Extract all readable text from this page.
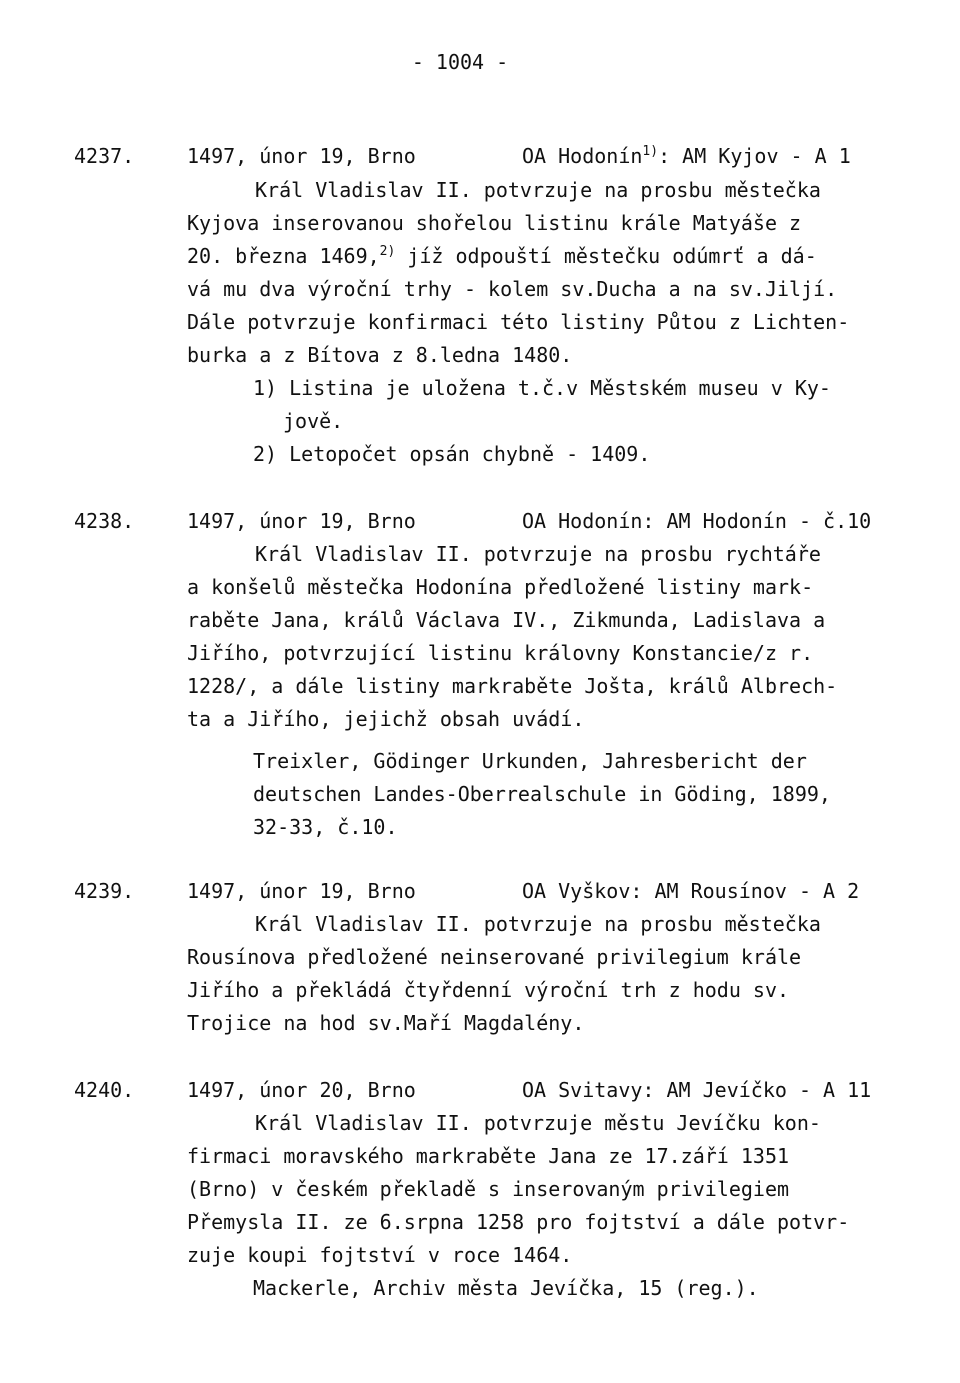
- 1004 -
4237.	1497, únor 19, Brno	OA Hodonín$^{1)}$: AM Kyjov - A 1
Král Vladislav II. potvrzuje na prosbu městečka
Kyjova inserovanou shořelou listinu krále Matyáše z
20. března 1469,$^{2)}$ jíž odpouští městečku odúmrť a dá-
vá mu dva výroční trhy - kolem sv.Ducha a na sv.Jiljí.
Dále potvrzuje konfirmaci této listiny Půtou z Lichten-
burka a z Bítova z 8.ledna 1480.
1) Listina je uložena t.č.v Městském museu v Ky-
jově.
2) Letopočet opsán chybně - 1409.
4238.	1497, únor 19, Brno	OA Hodonín: AM Hodonín - č.10
Král Vladislav II. potvrzuje na prosbu rychtáře
a konšelů městečka Hodonína předložené listiny mark-
raběte Jana, králů Václava IV., Zikmunda, Ladislava a
Jiřího, potvrzující listinu královny Konstancie/z r.
1228/, a dále listiny markraběte Jošta, králů Albrech-
ta a Jiřího, jejichž obsah uvádí.
Treixler, Gödinger Urkunden, Jahresbericht der
deutschen Landes-Oberrealschule in Göding, 1899,
32-33, č.10.
4239.	1497, únor 19, Brno	OA Vyškov: AM Rousínov - A 2
Král Vladislav II. potvrzuje na prosbu městečka
Rousínova předložené neinserované privilegium krále
Jiřího a překládá čtyřdenní výroční trh z hodu sv.
Trojice na hod sv.Maří Magdalény.
4240.	1497, únor 20, Brno	OA Svitavy: AM Jevíčko - A 11
Král Vladislav II. potvrzuje městu Jevíčku kon-
firmaci moravského markraběte Jana ze 17.září 1351
(Brno) v českém překladě s inserovaným privilegiem
Přemysla II. ze 6.srpna 1258 pro fojtství a dále potvr-
zuje koupi fojtství v roce 1464.
Mackerle, Archiv města Jevíčka, 15 (reg.).
